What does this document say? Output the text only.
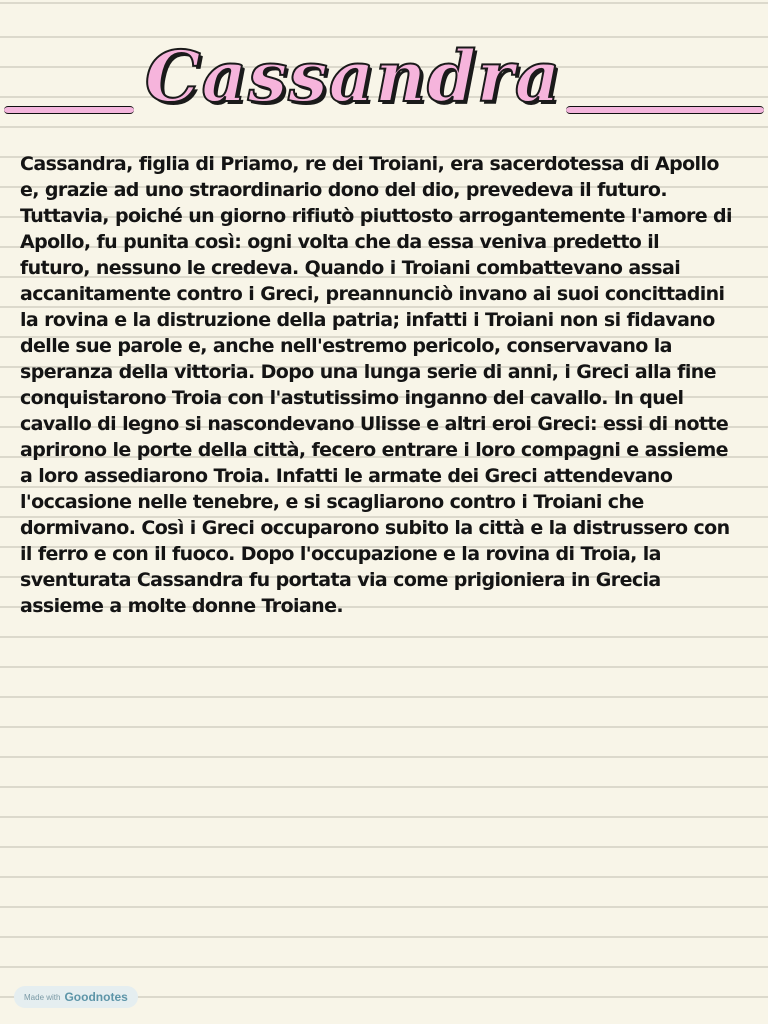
Cassandra

Cassandra, figlia di Priamo, re dei Troiani, era sacerdotessa di Apollo e, grazie ad uno straordinario dono del dio, prevedeva il futuro. Tuttavia, poiché un giorno rifiutò piuttosto arrogantemente l'amore di Apollo, fu punita così: ogni volta che da essa veniva predetto il futuro, nessuno le credeva. Quando i Troiani combattevano assai accanitamente contro i Greci, preannunciò invano ai suoi concittadini la rovina e la distruzione della patria; infatti i Troiani non si fidavano delle sue parole e, anche nell'estremo pericolo, conservavano la speranza della vittoria. Dopo una lunga serie di anni, i Greci alla fine conquistarono Troia con l'astutissimo inganno del cavallo. In quel cavallo di legno si nascondevano Ulisse e altri eroi Greci: essi di notte aprirono le porte della città, fecero entrare i loro compagni e assieme a loro assediarono Troia. Infatti le armate dei Greci attendevano l'occasione nelle tenebre, e si scagliarono contro i Troiani che dormivano. Così i Greci occuparono subito la città e la distrussero con il ferro e con il fuoco. Dopo l'occupazione e la rovina di Troia, la sventurata Cassandra fu portata via come prigioniera in Grecia assieme a molte donne Troiane.

Made with Goodnotes
